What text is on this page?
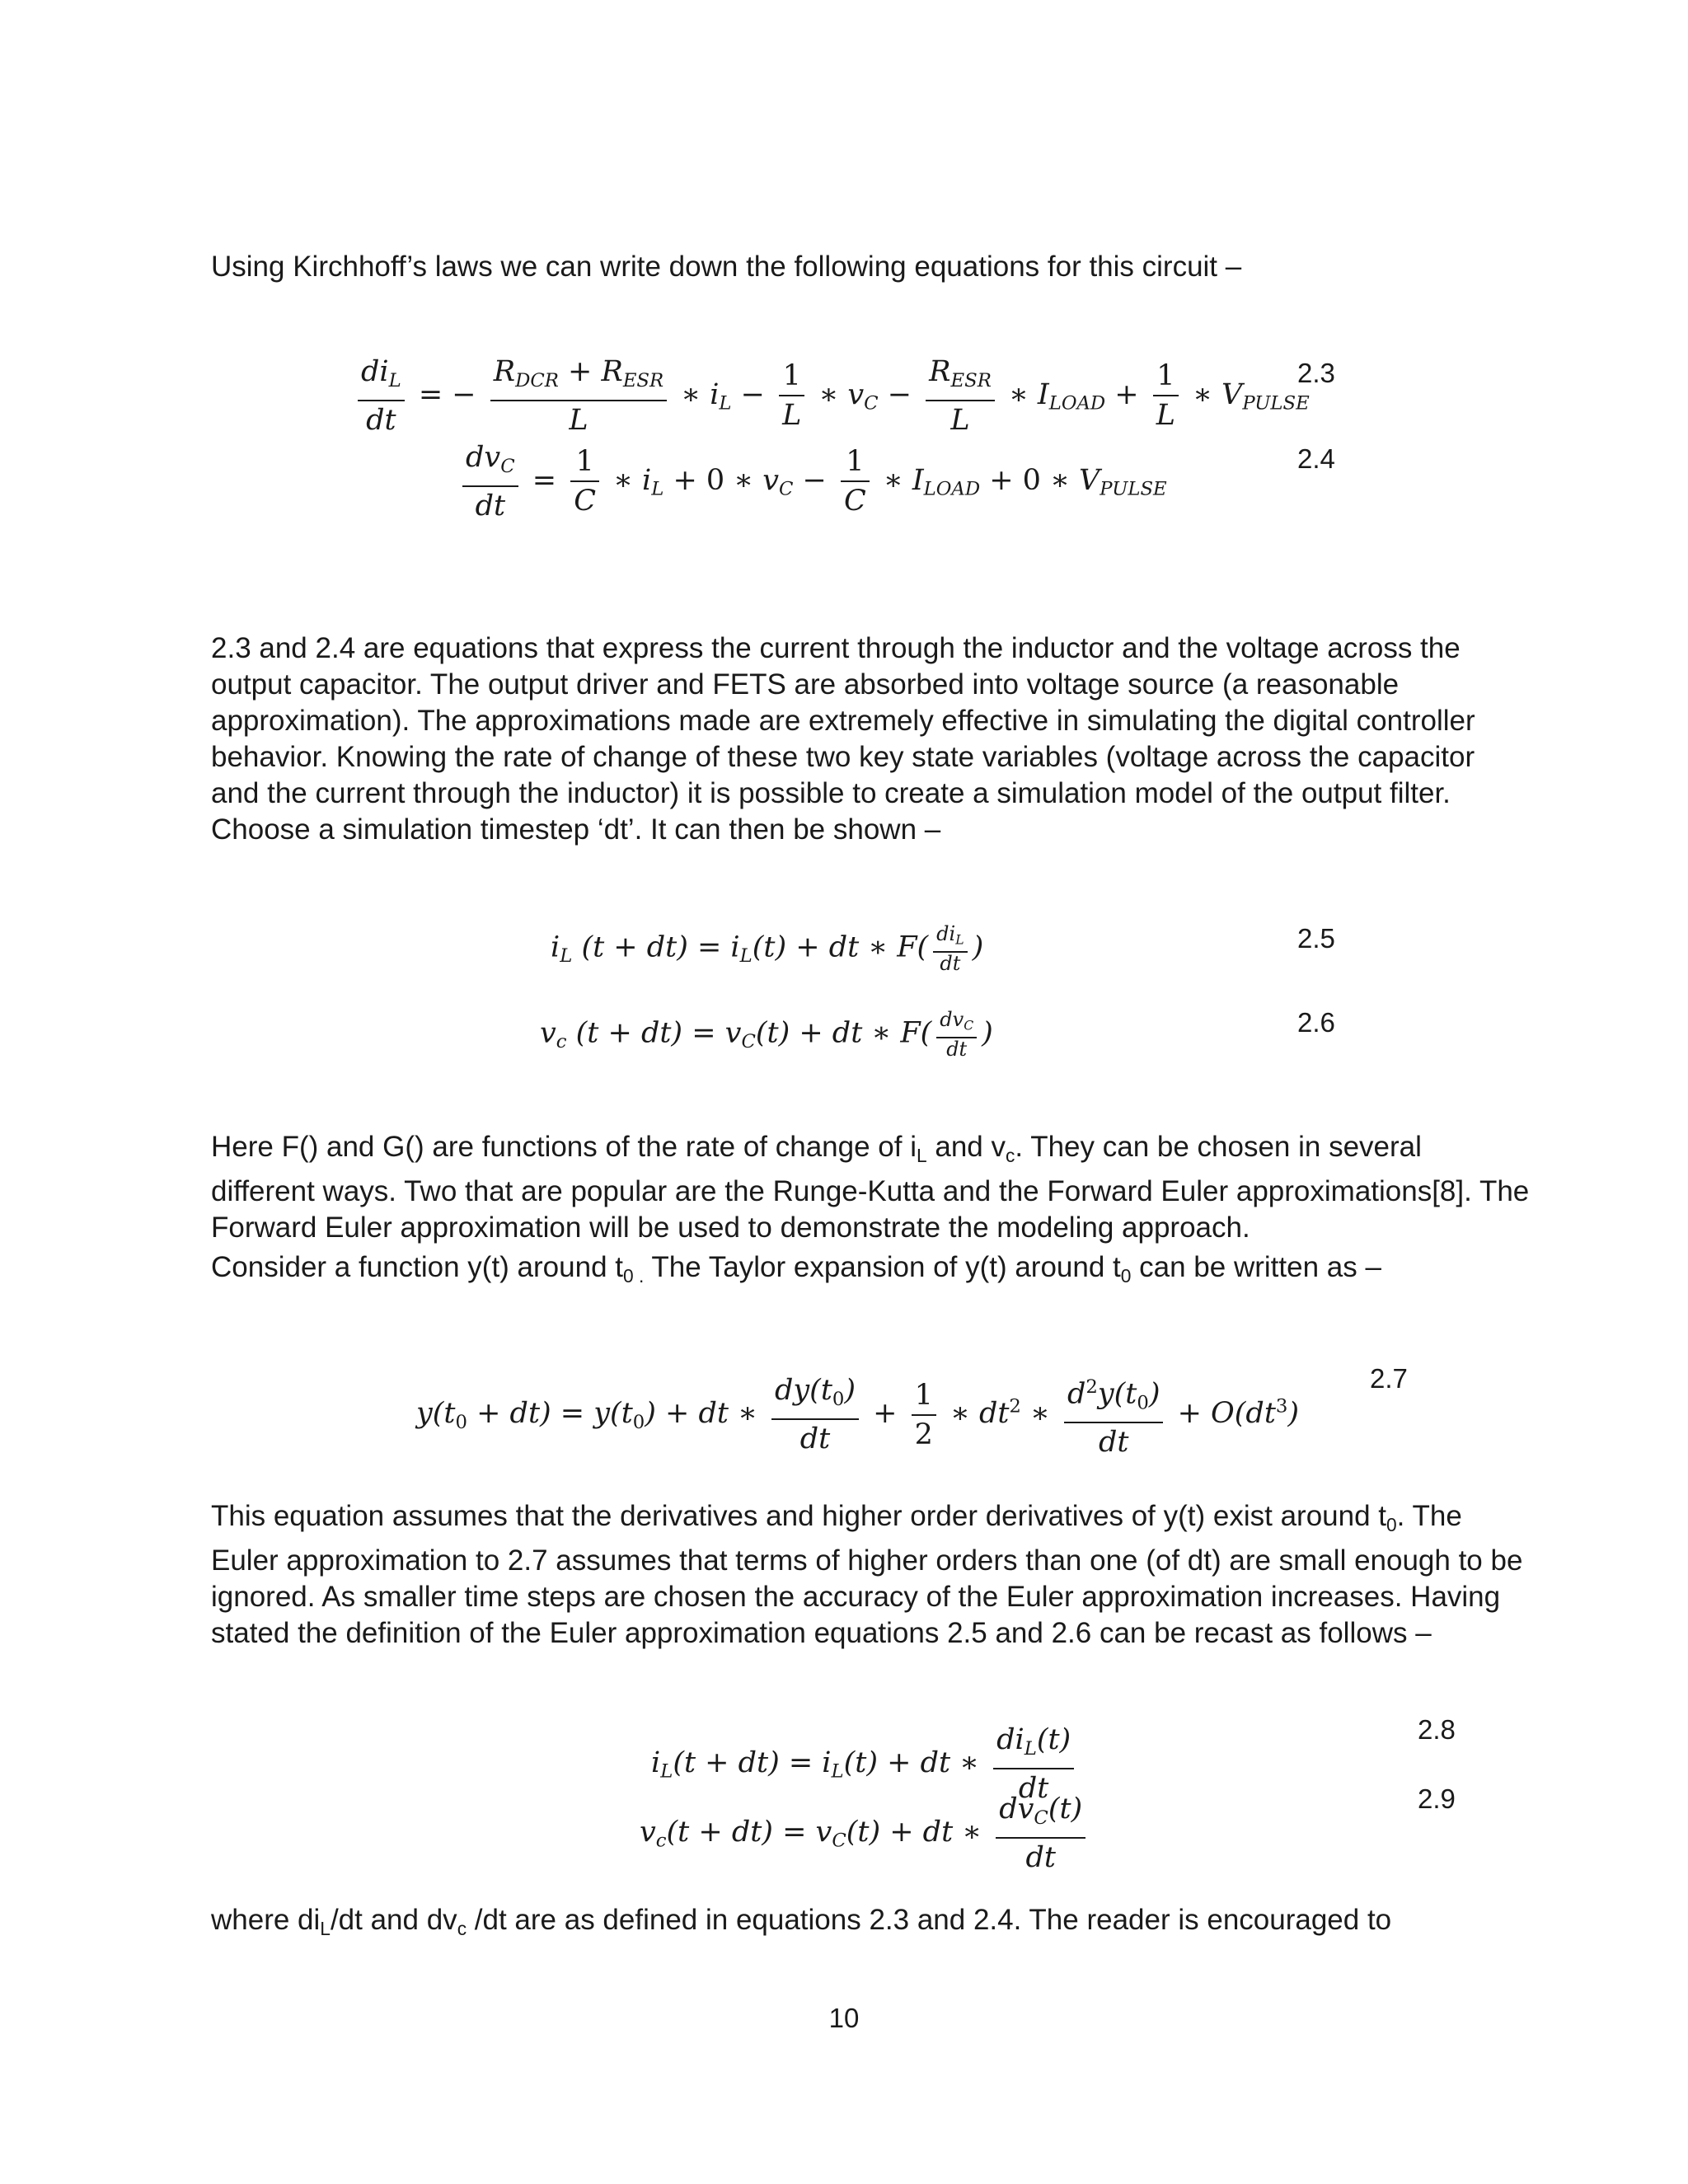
Using Kirchhoff’s laws we can write down the following equations for this circuit –

$\frac{di_L}{dt}$ = − $\frac{R_{DCR} + R_{ESR}}{L}$ ∗ $i_L - \frac{1}{L}$ ∗ $v_C - \frac{R_{ESR}}{L}$ ∗ $I_{LOAD} + \frac{1}{L}$ ∗ $V_{PULSE}$
2.3
$\frac{dv_C}{dt} = \frac{1}{C}$ ∗ $i_L + 0$ ∗ $v_C - \frac{1}{C}$ ∗ $I_{LOAD} + 0$ ∗ $V_{PULSE}$
2.4

2.3 and 2.4 are equations that express the current through the inductor and the voltage across the output capacitor. The output driver and FETS are absorbed into voltage source (a reasonable approximation). The approximations made are extremely effective in simulating the digital controller behavior. Knowing the rate of change of these two key state variables (voltage across the capacitor and the current through the inductor) it is possible to create a simulation model of the output filter. Choose a simulation timestep ‘dt’. It can then be shown –

$i_L$ $(t + dt) = i_L(t)$ + dt ∗ $F( \frac{di_L}{dt}$ )	2.5
$v_c$ $(t + dt) = v_C(t)$ + dt ∗ $F( \frac{dv_C}{dt}$ )	2.6

Here F() and G() are functions of the rate of change of $i_L$ and $v_c$. They can be chosen in several different ways. Two that are popular are the Runge-Kutta and the Forward Euler approximations[8]. The Forward Euler approximation will be used to demonstrate the modeling approach.

Consider a function y(t) around $t_{0 .}$ The Taylor expansion of y(t) around $t_0$ can be written as –

$y(t_0 + dt) = y(t_0)$ + dt ∗ $\frac{dy(t_0)}{dt} + \frac{1}{2}$ ∗ $dt^2$ ∗ $\frac{d^2y(t_0)}{dt} + O(dt^3)$
2.7

This equation assumes that the derivatives and higher order derivatives of y(t) exist around $t_0$. The Euler approximation to 2.7 assumes that terms of higher orders than one (of dt) are small enough to be ignored. As smaller time steps are chosen the accuracy of the Euler approximation increases. Having stated the definition of the Euler approximation equations 2.5 and 2.6 can be recast as follows –

$i_L(t + dt) = i_L(t)$ + dt ∗ $\frac{di_L(t)}{dt}$	2.8
$v_c(t + dt) = v_C(t)$ + dt ∗ $\frac{dv_C(t)}{dt}$	2.9

where $di_L/dt$ and $dv_c$ /dt are as defined in equations 2.3 and 2.4. The reader is encouraged to

10
